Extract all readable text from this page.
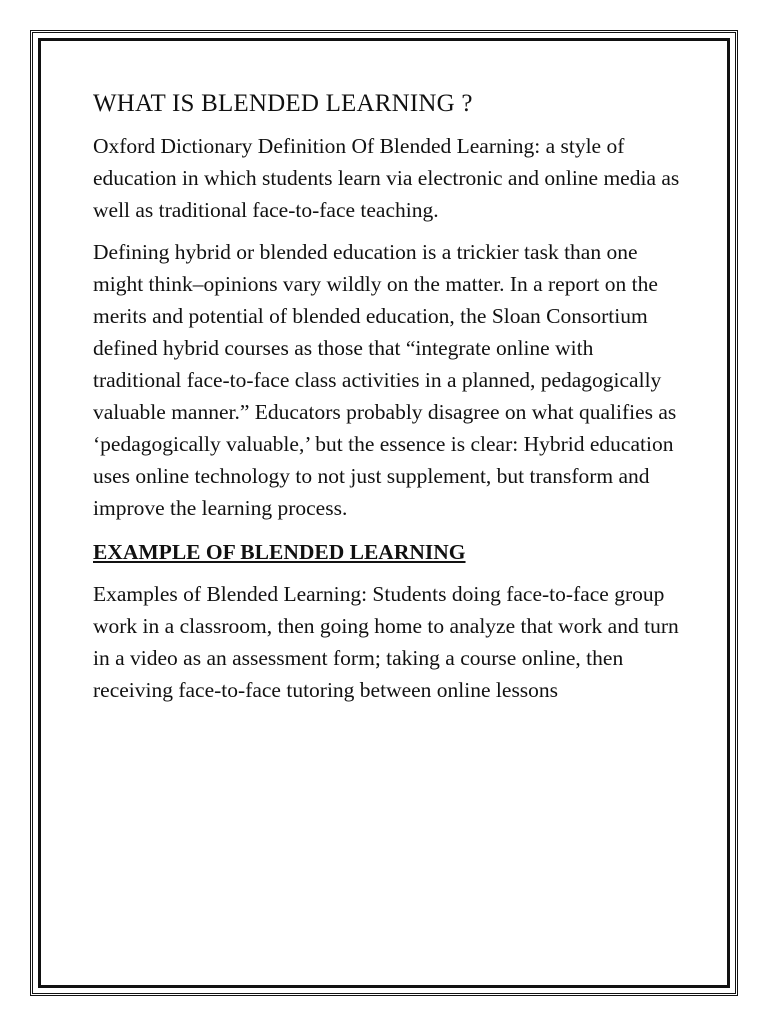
WHAT IS BLENDED LEARNING ?

Oxford Dictionary Definition Of Blended Learning: a style of education in which students learn via electronic and online media as well as traditional face-to-face teaching.

Defining hybrid or blended education is a trickier task than one might think–opinions vary wildly on the matter. In a report on the merits and potential of blended education, the Sloan Consortium defined hybrid courses as those that “integrate online with traditional face-to-face class activities in a planned, pedagogically valuable manner.” Educators probably disagree on what qualifies as ‘pedagogically valuable,’ but the essence is clear: Hybrid education uses online technology to not just supplement, but transform and improve the learning process.

EXAMPLE OF BLENDED LEARNING

Examples of Blended Learning: Students doing face-to-face group work in a classroom, then going home to analyze that work and turn in a video as an assessment form; taking a course online, then receiving face-to-face tutoring between online lessons
